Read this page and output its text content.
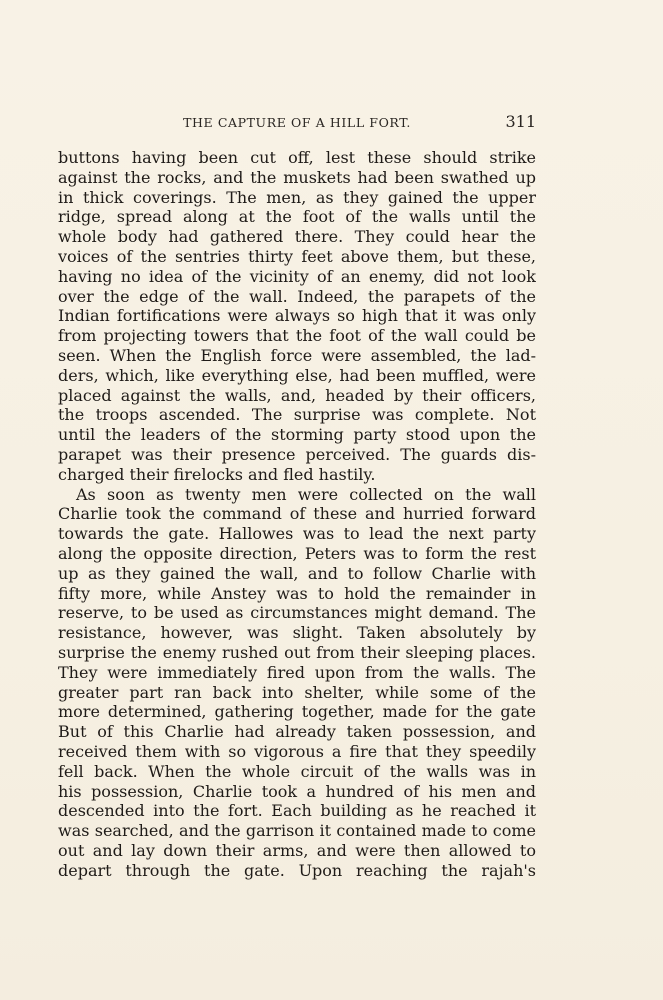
THE CAPTURE OF A HILL FORT.	311
buttons having been cut off, lest these should strike
against the rocks, and the muskets had been swathed up
in thick coverings. The men, as they gained the upper
ridge, spread along at the foot of the walls until the
whole body had gathered there. They could hear the
voices of the sentries thirty feet above them, but these,
having no idea of the vicinity of an enemy, did not look
over the edge of the wall. Indeed, the parapets of the
Indian fortifications were always so high that it was only
from projecting towers that the foot of the wall could be
seen. When the English force were assembled, the lad-
ders, which, like everything else, had been muffled, were
placed against the walls, and, headed by their officers,
the troops ascended. The surprise was complete. Not
until the leaders of the storming party stood upon the
parapet was their presence perceived. The guards dis-
charged their firelocks and fled hastily.
As soon as twenty men were collected on the wall
Charlie took the command of these and hurried forward
towards the gate. Hallowes was to lead the next party
along the opposite direction, Peters was to form the rest
up as they gained the wall, and to follow Charlie with
fifty more, while Anstey was to hold the remainder in
reserve, to be used as circumstances might demand. The
resistance, however, was slight. Taken absolutely by
surprise the enemy rushed out from their sleeping places.
They were immediately fired upon from the walls. The
greater part ran back into shelter, while some of the
more determined, gathering together, made for the gate
But of this Charlie had already taken possession, and
received them with so vigorous a fire that they speedily
fell back. When the whole circuit of the walls was in
his possession, Charlie took a hundred of his men and
descended into the fort. Each building as he reached it
was searched, and the garrison it contained made to come
out and lay down their arms, and were then allowed to
depart through the gate. Upon reaching the rajah's
